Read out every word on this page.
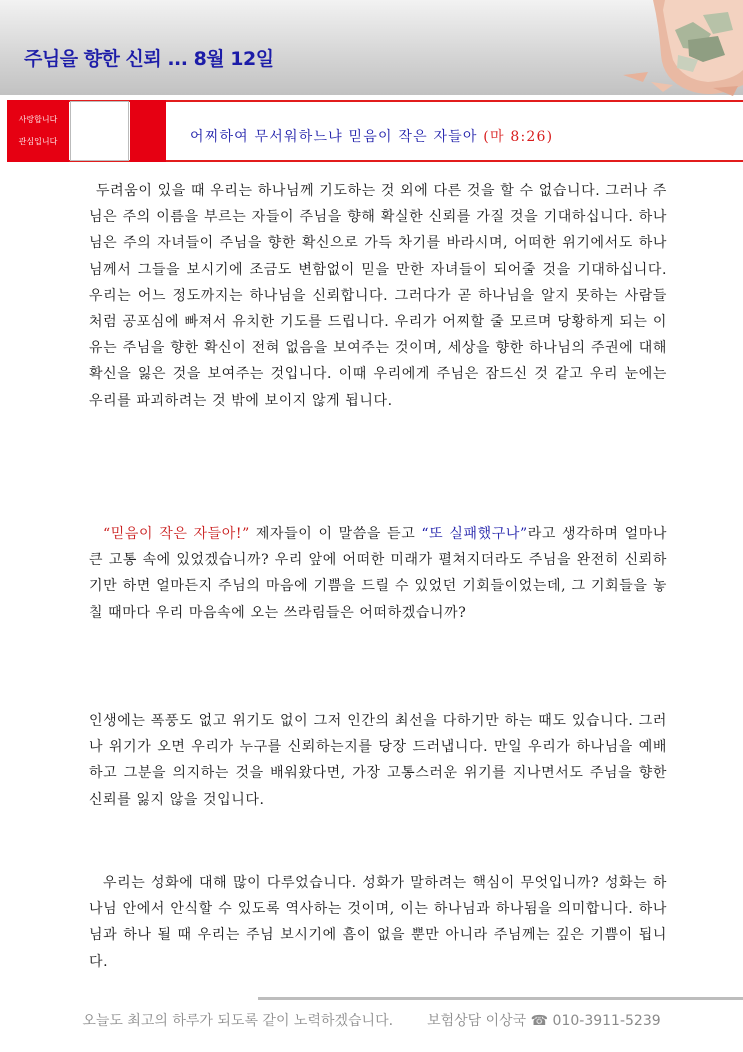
주님을 향한 신뢰 ... 8월 12일
사랑합니다
관심입니다	어찌하여 무서워하느냐 믿음이 작은 자들아 (마 8:26)

두려움이 있을 때 우리는 하나님께 기도하는 것 외에 다른 것을 할 수 없습니다. 그러나 주님은 주의 이름을 부르는 자들이 주님을 향해 확실한 신뢰를 가질 것을 기대하십니다. 하나님은 주의 자녀들이 주님을 향한 확신으로 가득 차기를 바라시며, 어떠한 위기에서도 하나님께서 그들을 보시기에 조금도 변함없이 믿을 만한 자녀들이 되어줄 것을 기대하십니다. 우리는 어느 정도까지는 하나님을 신뢰합니다. 그러다가 곧 하나님을 알지 못하는 사람들처럼 공포심에 빠져서 유치한 기도를 드립니다. 우리가 어찌할 줄 모르며 당황하게 되는 이유는 주님을 향한 확신이 전혀 없음을 보여주는 것이며, 세상을 향한 하나님의 주권에 대해 확신을 잃은 것을 보여주는 것입니다. 이때 우리에게 주님은 잠드신 것 같고 우리 눈에는 우리를 파괴하려는 것 밖에 보이지 않게 됩니다.

“믿음이 작은 자들아!” 제자들이 이 말씀을 듣고 “또 실패했구나”라고 생각하며 얼마나 큰 고통 속에 있었겠습니까? 우리 앞에 어떠한 미래가 펼쳐지더라도 주님을 완전히 신뢰하기만 하면 얼마든지 주님의 마음에 기쁨을 드릴 수 있었던 기회들이었는데, 그 기회들을 놓칠 때마다 우리 마음속에 오는 쓰라림들은 어떠하겠습니까?

인생에는 폭풍도 없고 위기도 없이 그저 인간의 최선을 다하기만 하는 때도 있습니다. 그러나 위기가 오면 우리가 누구를 신뢰하는지를 당장 드러냅니다. 만일 우리가 하나님을 예배하고 그분을 의지하는 것을 배워왔다면, 가장 고통스러운 위기를 지나면서도 주님을 향한 신뢰를 잃지 않을 것입니다.

우리는 성화에 대해 많이 다루었습니다. 성화가 말하려는 핵심이 무엇입니까? 성화는 하나님 안에서 안식할 수 있도록 역사하는 것이며, 이는 하나님과 하나됨을 의미합니다. 하나님과 하나 될 때 우리는 주님 보시기에 흠이 없을 뿐만 아니라 주님께는 깊은 기쁨이 됩니다.

오늘도 최고의 하루가 되도록 같이 노력하겠습니다. 보험상담 이상국 ☎ 010-3911-5239
